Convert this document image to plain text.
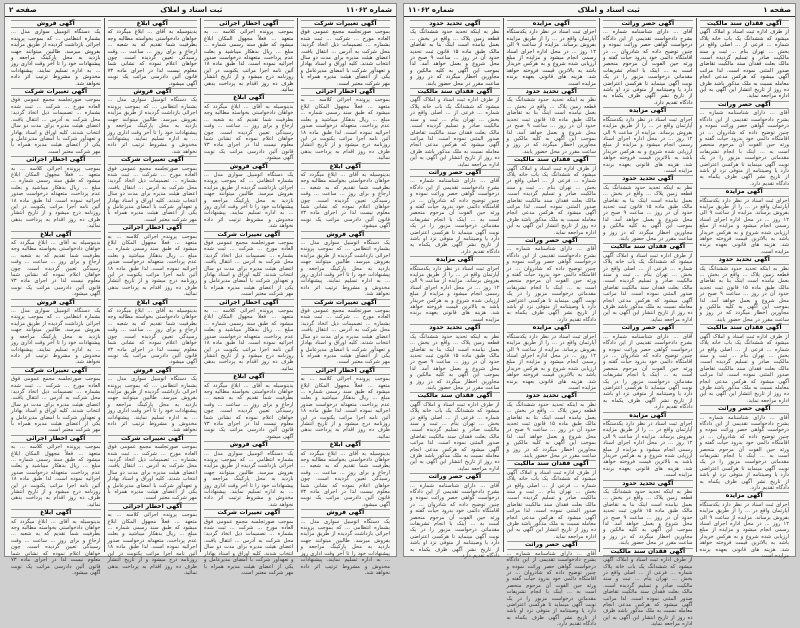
شماره ۱۱۰۶۲
ثبت اسناد و املاک
صفحه ۲
آگهی تغییرات شرکت
بموجب صورتجلسه مجمع عمومی فوق العاده مورخ ... شرکت ... ثبت شده بشماره ... تصمیمات ذیل اتخاذ گردید: محل شرکت به آدرس ... انتقال یافت. اعضای هیئت مدیره برای مدت دو سال انتخاب شدند. کلیه اوراق و اسناد بهادار و تعهدآور شرکت با امضای مدیرعامل و یکی از اعضای هیئت مدیره همراه با مهر شرکت معتبر است.
آگهی اخطار اجرائی
بموجب پرونده اجرائی کلاسه ... به متعهد ... فعلاً مجهول المکان ابلاغ میشود که طبق سند رسمی شماره ... مبلغ ... ریال بدهکار میباشید و بعلت عدم پرداخت، متعهدله درخواست صدور اجرائیه نموده است. لذا طبق ماده ۱۸ آئین نامه اجرا مراتب یکنوبت در این روزنامه درج میشود و از تاریخ انتشار ظرف ده روز اقدام به پرداخت بدهی نمائید.
آگهی ابلاغ
بدینوسیله به آقای ... ابلاغ میگردد که خواهان دادخواستی بخواسته مطالبه وجه بطرفیت شما تقدیم که به شعبه ... ارجاع و برای روز ... ساعت ... وقت رسیدگی تعیین گردیده است. چون خواهان اعلام نموده که نشانی شما معلوم نیست لذا در اجرای ماده ۷۳ قانون آئین دادرسی مراتب یک نوبت آگهی میشود.
آگهی فروش
یک دستگاه اتومبیل سواری مدل ... بشماره انتظامی ... که بموجب پرونده اجرائی بازداشت گردیده از طریق مزایده بفروش میرسد. طالبین میتوانند جهت بازدید به محل پارکینگ مراجعه و پیشنهادات خود را تا آخر وقت اداری روز ... به اداره تسلیم نمایند. پیشنهادات مخدوش و مشروط ترتیب اثر داده نخواهد شد.
آگهی تغییرات شرکت
بموجب صورتجلسه مجمع عمومی فوق العاده مورخ ... شرکت ... ثبت شده بشماره ... تصمیمات ذیل اتخاذ گردید: محل شرکت به آدرس ... انتقال یافت. اعضای هیئت مدیره برای مدت دو سال انتخاب شدند. کلیه اوراق و اسناد بهادار و تعهدآور شرکت با امضای مدیرعامل و یکی از اعضای هیئت مدیره همراه با مهر شرکت معتبر است.
آگهی اخطار اجرائی
بموجب پرونده اجرائی کلاسه ... به متعهد ... فعلاً مجهول المکان ابلاغ میشود که طبق سند رسمی شماره ... مبلغ ... ریال بدهکار میباشید و بعلت عدم پرداخت، متعهدله درخواست صدور اجرائیه نموده است. لذا طبق ماده ۱۸ آئین نامه اجرا مراتب یکنوبت در این روزنامه درج میشود و از تاریخ انتشار ظرف ده روز اقدام به پرداخت بدهی نمائید.
آگهی ابلاغ
بدینوسیله به آقای ... ابلاغ میگردد که خواهان دادخواستی بخواسته مطالبه وجه بطرفیت شما تقدیم که به شعبه ... ارجاع و برای روز ... ساعت ... وقت رسیدگی تعیین گردیده است. چون خواهان اعلام نموده که نشانی شما معلوم نیست لذا در اجرای ماده ۷۳ قانون آئین دادرسی مراتب یک نوبت آگهی میشود.
آگهی فروش
یک دستگاه اتومبیل سواری مدل ... بشماره انتظامی ... که بموجب پرونده اجرائی بازداشت گردیده از طریق مزایده بفروش میرسد. طالبین میتوانند جهت بازدید به محل پارکینگ مراجعه و پیشنهادات خود را تا آخر وقت اداری روز ... به اداره تسلیم نمایند. پیشنهادات مخدوش و مشروط ترتیب اثر داده نخواهد شد.
آگهی اخطار اجرائی
بموجب پرونده اجرائی کلاسه ... به متعهد ... فعلاً مجهول المکان ابلاغ میشود که طبق سند رسمی شماره ... مبلغ ... ریال بدهکار میباشید و بعلت عدم پرداخت، متعهدله درخواست صدور اجرائیه نموده است. لذا طبق ماده ۱۸ آئین نامه اجرا مراتب یکنوبت در این روزنامه درج میشود و از تاریخ انتشار ظرف ده روز اقدام به پرداخت بدهی نمائید.
آگهی ابلاغ
بدینوسیله به آقای ... ابلاغ میگردد که خواهان دادخواستی بخواسته مطالبه وجه بطرفیت شما تقدیم که به شعبه ... ارجاع و برای روز ... ساعت ... وقت رسیدگی تعیین گردیده است. چون خواهان اعلام نموده که نشانی شما معلوم نیست لذا در اجرای ماده ۷۳ قانون آئین دادرسی مراتب یک نوبت آگهی میشود.
آگهی فروش
یک دستگاه اتومبیل سواری مدل ... بشماره انتظامی ... که بموجب پرونده اجرائی بازداشت گردیده از طریق مزایده بفروش میرسد. طالبین میتوانند جهت بازدید به محل پارکینگ مراجعه و پیشنهادات خود را تا آخر وقت اداری روز ... به اداره تسلیم نمایند. پیشنهادات مخدوش و مشروط ترتیب اثر داده نخواهد شد.
آگهی تغییرات شرکت
بموجب صورتجلسه مجمع عمومی فوق العاده مورخ ... شرکت ... ثبت شده بشماره ... تصمیمات ذیل اتخاذ گردید: محل شرکت به آدرس ... انتقال یافت. اعضای هیئت مدیره برای مدت دو سال انتخاب شدند. کلیه اوراق و اسناد بهادار و تعهدآور شرکت با امضای مدیرعامل و یکی از اعضای هیئت مدیره همراه با مهر شرکت معتبر است.
آگهی اخطار اجرائی
بموجب پرونده اجرائی کلاسه ... به متعهد ... فعلاً مجهول المکان ابلاغ میشود که طبق سند رسمی شماره ... مبلغ ... ریال بدهکار میباشید و بعلت عدم پرداخت، متعهدله درخواست صدور اجرائیه نموده است. لذا طبق ماده ۱۸ آئین نامه اجرا مراتب یکنوبت در این روزنامه درج میشود و از تاریخ انتشار ظرف ده روز اقدام به پرداخت بدهی نمائید.
آگهی ابلاغ
بدینوسیله به آقای ... ابلاغ میگردد که خواهان دادخواستی بخواسته مطالبه وجه بطرفیت شما تقدیم که به شعبه ... ارجاع و برای روز ... ساعت ... وقت رسیدگی تعیین گردیده است. چون خواهان اعلام نموده که نشانی شما معلوم نیست لذا در اجرای ماده ۷۳ قانون آئین دادرسی مراتب یک نوبت آگهی میشود.
آگهی فروش
یک دستگاه اتومبیل سواری مدل ... بشماره انتظامی ... که بموجب پرونده اجرائی بازداشت گردیده از طریق مزایده بفروش میرسد. طالبین میتوانند جهت بازدید به محل پارکینگ مراجعه و پیشنهادات خود را تا آخر وقت اداری روز ... به اداره تسلیم نمایند. پیشنهادات مخدوش و مشروط ترتیب اثر داده نخواهد شد.
آگهی تغییرات شرکت
بموجب صورتجلسه مجمع عمومی فوق العاده مورخ ... شرکت ... ثبت شده بشماره ... تصمیمات ذیل اتخاذ گردید: محل شرکت به آدرس ... انتقال یافت. اعضای هیئت مدیره برای مدت دو سال انتخاب شدند. کلیه اوراق و اسناد بهادار و تعهدآور شرکت با امضای مدیرعامل و یکی از اعضای هیئت مدیره همراه با مهر شرکت معتبر است.
آگهی ابلاغ
بدینوسیله به آقای ... ابلاغ میگردد که خواهان دادخواستی بخواسته مطالبه وجه بطرفیت شما تقدیم که به شعبه ... ارجاع و برای روز ... ساعت ... وقت رسیدگی تعیین گردیده است. چون خواهان اعلام نموده که نشانی شما معلوم نیست لذا در اجرای ماده ۷۳ قانون آئین دادرسی مراتب یک نوبت آگهی میشود.
آگهی فروش
یک دستگاه اتومبیل سواری مدل ... بشماره انتظامی ... که بموجب پرونده اجرائی بازداشت گردیده از طریق مزایده بفروش میرسد. طالبین میتوانند جهت بازدید به محل پارکینگ مراجعه و پیشنهادات خود را تا آخر وقت اداری روز ... به اداره تسلیم نمایند. پیشنهادات مخدوش و مشروط ترتیب اثر داده نخواهد شد.
آگهی تغییرات شرکت
بموجب صورتجلسه مجمع عمومی فوق العاده مورخ ... شرکت ... ثبت شده بشماره ... تصمیمات ذیل اتخاذ گردید: محل شرکت به آدرس ... انتقال یافت. اعضای هیئت مدیره برای مدت دو سال انتخاب شدند. کلیه اوراق و اسناد بهادار و تعهدآور شرکت با امضای مدیرعامل و یکی از اعضای هیئت مدیره همراه با مهر شرکت معتبر است.
آگهی اخطار اجرائی
بموجب پرونده اجرائی کلاسه ... به متعهد ... فعلاً مجهول المکان ابلاغ میشود که طبق سند رسمی شماره ... مبلغ ... ریال بدهکار میباشید و بعلت عدم پرداخت، متعهدله درخواست صدور اجرائیه نموده است. لذا طبق ماده ۱۸ آئین نامه اجرا مراتب یکنوبت در این روزنامه درج میشود و از تاریخ انتشار ظرف ده روز اقدام به پرداخت بدهی نمائید.
آگهی ابلاغ
بدینوسیله به آقای ... ابلاغ میگردد که خواهان دادخواستی بخواسته مطالبه وجه بطرفیت شما تقدیم که به شعبه ... ارجاع و برای روز ... ساعت ... وقت رسیدگی تعیین گردیده است. چون خواهان اعلام نموده که نشانی شما معلوم نیست لذا در اجرای ماده ۷۳ قانون آئین دادرسی مراتب یک نوبت آگهی میشود.
آگهی فروش
یک دستگاه اتومبیل سواری مدل ... بشماره انتظامی ... که بموجب پرونده اجرائی بازداشت گردیده از طریق مزایده بفروش میرسد. طالبین میتوانند جهت بازدید به محل پارکینگ مراجعه و پیشنهادات خود را تا آخر وقت اداری روز ... به اداره تسلیم نمایند. پیشنهادات مخدوش و مشروط ترتیب اثر داده نخواهد شد.
آگهی تغییرات شرکت
بموجب صورتجلسه مجمع عمومی فوق العاده مورخ ... شرکت ... ثبت شده بشماره ... تصمیمات ذیل اتخاذ گردید: محل شرکت به آدرس ... انتقال یافت. اعضای هیئت مدیره برای مدت دو سال انتخاب شدند. کلیه اوراق و اسناد بهادار و تعهدآور شرکت با امضای مدیرعامل و یکی از اعضای هیئت مدیره همراه با مهر شرکت معتبر است.
آگهی اخطار اجرائی
بموجب پرونده اجرائی کلاسه ... به متعهد ... فعلاً مجهول المکان ابلاغ میشود که طبق سند رسمی شماره ... مبلغ ... ریال بدهکار میباشید و بعلت عدم پرداخت، متعهدله درخواست صدور اجرائیه نموده است. لذا طبق ماده ۱۸ آئین نامه اجرا مراتب یکنوبت در این روزنامه درج میشود و از تاریخ انتشار ظرف ده روز اقدام به پرداخت بدهی نمائید.
آگهی فروش
یک دستگاه اتومبیل سواری مدل ... بشماره انتظامی ... که بموجب پرونده اجرائی بازداشت گردیده از طریق مزایده بفروش میرسد. طالبین میتوانند جهت بازدید به محل پارکینگ مراجعه و پیشنهادات خود را تا آخر وقت اداری روز ... به اداره تسلیم نمایند. پیشنهادات مخدوش و مشروط ترتیب اثر داده نخواهد شد.
آگهی تغییرات شرکت
بموجب صورتجلسه مجمع عمومی فوق العاده مورخ ... شرکت ... ثبت شده بشماره ... تصمیمات ذیل اتخاذ گردید: محل شرکت به آدرس ... انتقال یافت. اعضای هیئت مدیره برای مدت دو سال انتخاب شدند. کلیه اوراق و اسناد بهادار و تعهدآور شرکت با امضای مدیرعامل و یکی از اعضای هیئت مدیره همراه با مهر شرکت معتبر است.
آگهی اخطار اجرائی
بموجب پرونده اجرائی کلاسه ... به متعهد ... فعلاً مجهول المکان ابلاغ میشود که طبق سند رسمی شماره ... مبلغ ... ریال بدهکار میباشید و بعلت عدم پرداخت، متعهدله درخواست صدور اجرائیه نموده است. لذا طبق ماده ۱۸ آئین نامه اجرا مراتب یکنوبت در این روزنامه درج میشود و از تاریخ انتشار ظرف ده روز اقدام به پرداخت بدهی نمائید.
آگهی ابلاغ
بدینوسیله به آقای ... ابلاغ میگردد که خواهان دادخواستی بخواسته مطالبه وجه بطرفیت شما تقدیم که به شعبه ... ارجاع و برای روز ... ساعت ... وقت رسیدگی تعیین گردیده است. چون خواهان اعلام نموده که نشانی شما معلوم نیست لذا در اجرای ماده ۷۳ قانون آئین دادرسی مراتب یک نوبت آگهی میشود.
آگهی فروش
یک دستگاه اتومبیل سواری مدل ... بشماره انتظامی ... که بموجب پرونده اجرائی بازداشت گردیده از طریق مزایده بفروش میرسد. طالبین میتوانند جهت بازدید به محل پارکینگ مراجعه و پیشنهادات خود را تا آخر وقت اداری روز ... به اداره تسلیم نمایند. پیشنهادات مخدوش و مشروط ترتیب اثر داده نخواهد شد.
آگهی تغییرات شرکت
بموجب صورتجلسه مجمع عمومی فوق العاده مورخ ... شرکت ... ثبت شده بشماره ... تصمیمات ذیل اتخاذ گردید: محل شرکت به آدرس ... انتقال یافت. اعضای هیئت مدیره برای مدت دو سال انتخاب شدند. کلیه اوراق و اسناد بهادار و تعهدآور شرکت با امضای مدیرعامل و یکی از اعضای هیئت مدیره همراه با مهر شرکت معتبر است.
آگهی اخطار اجرائی
بموجب پرونده اجرائی کلاسه ... به متعهد ... فعلاً مجهول المکان ابلاغ میشود که طبق سند رسمی شماره ... مبلغ ... ریال بدهکار میباشید و بعلت عدم پرداخت، متعهدله درخواست صدور اجرائیه نموده است. لذا طبق ماده ۱۸ آئین نامه اجرا مراتب یکنوبت در این روزنامه درج میشود و از تاریخ انتشار ظرف ده روز اقدام به پرداخت بدهی نمائید.
آگهی ابلاغ
بدینوسیله به آقای ... ابلاغ میگردد که خواهان دادخواستی بخواسته مطالبه وجه بطرفیت شما تقدیم که به شعبه ... ارجاع و برای روز ... ساعت ... وقت رسیدگی تعیین گردیده است. چون خواهان اعلام نموده که نشانی شما معلوم نیست لذا در اجرای ماده ۷۳ قانون آئین دادرسی مراتب یک نوبت آگهی میشود.
صفحه ۱
ثبت اسناد و املاک
شماره ۱۱۰۶۲
آگهی فقدان سند مالکیت
از طرف اداره ثبت اسناد و املاک آگهی میشود که ششدانگ یک باب خانه پلاک شماره ... فرعی از ... اصلی واقع در بخش ... تهران بنام ... ثبت و سند مالکیت صادر و تسلیم گردیده است. مالک بعلت فقدان سند مالکیت تقاضای صدور المثنی نموده است. لذا مراتب آگهی میشود که هرکس مدعی انجام معامله نسبت به ملک مذکور باشد ظرف ده روز از تاریخ انتشار این آگهی به این اداره مراجعه نماید.
آگهی حصر وراثت
آقای ... دارای شناسنامه شماره ... بشرح دادخواست تقدیمی از این دادگاه درخواست گواهی حصر وراثت نموده و چنین توضیح داده که شادروان ... در اقامتگاه دائمی خود بدرود حیات گفته و ورثه حین الفوت آن مرحوم منحصر است به ... اینک با انجام تشریفات مقدماتی درخواست مزبور را در یک نوبت آگهی مینماید تا هرکسی اعتراضی دارد یا وصیتنامه از متوفی نزد او باشد از تاریخ نشر آگهی ظرف یکماه به دادگاه تقدیم دارد.
آگهی مزایده
اجرای ثبت اسناد در نظر دارد یکدستگاه آپارتمان واقع در ... را از طریق مزایده بفروش برساند. مزایده از ساعت ۹ الی ۱۲ روز ... در محل اداره اجرای اسناد رسمی انجام میشود و مزایده از مبلغ ارزیابی شده شروع و به هرکس خریدار باشد به بالاترین قیمت فروخته خواهد شد. هزینه های قانونی بعهده برنده مزایده است.
آگهی تحدید حدود
نظر به اینکه تحدید حدود ششدانگ یک قطعه زمین پلاک ... واقع در بخش ... بعمل نیامده است اینک بنا به تقاضای مالک طبق ماده ۱۵ قانون ثبت تحدید حدود آن در روز ... ساعت ۹ صبح در محل شروع و بعمل خواهد آمد. لذا بموجب این آگهی به کلیه مالکین و مجاورین اخطار میگردد که در روز و ساعت مقرر در محل حضور یابند.
آگهی فقدان سند مالکیت
از طرف اداره ثبت اسناد و املاک آگهی میشود که ششدانگ یک باب خانه پلاک شماره ... فرعی از ... اصلی واقع در بخش ... تهران بنام ... ثبت و سند مالکیت صادر و تسلیم گردیده است. مالک بعلت فقدان سند مالکیت تقاضای صدور المثنی نموده است. لذا مراتب آگهی میشود که هرکس مدعی انجام معامله نسبت به ملک مذکور باشد ظرف ده روز از تاریخ انتشار این آگهی به این اداره مراجعه نماید.
آگهی حصر وراثت
آقای ... دارای شناسنامه شماره ... بشرح دادخواست تقدیمی از این دادگاه درخواست گواهی حصر وراثت نموده و چنین توضیح داده که شادروان ... در اقامتگاه دائمی خود بدرود حیات گفته و ورثه حین الفوت آن مرحوم منحصر است به ... اینک با انجام تشریفات مقدماتی درخواست مزبور را در یک نوبت آگهی مینماید تا هرکسی اعتراضی دارد یا وصیتنامه از متوفی نزد او باشد از تاریخ نشر آگهی ظرف یکماه به دادگاه تقدیم دارد.
آگهی مزایده
اجرای ثبت اسناد در نظر دارد یکدستگاه آپارتمان واقع در ... را از طریق مزایده بفروش برساند. مزایده از ساعت ۹ الی ۱۲ روز ... در محل اداره اجرای اسناد رسمی انجام میشود و مزایده از مبلغ ارزیابی شده شروع و به هرکس خریدار باشد به بالاترین قیمت فروخته خواهد شد. هزینه های قانونی بعهده برنده مزایده است.
آگهی حصر وراثت
آقای ... دارای شناسنامه شماره ... بشرح دادخواست تقدیمی از این دادگاه درخواست گواهی حصر وراثت نموده و چنین توضیح داده که شادروان ... در اقامتگاه دائمی خود بدرود حیات گفته و ورثه حین الفوت آن مرحوم منحصر است به ... اینک با انجام تشریفات مقدماتی درخواست مزبور را در یک نوبت آگهی مینماید تا هرکسی اعتراضی دارد یا وصیتنامه از متوفی نزد او باشد از تاریخ نشر آگهی ظرف یکماه به دادگاه تقدیم دارد.
آگهی مزایده
اجرای ثبت اسناد در نظر دارد یکدستگاه آپارتمان واقع در ... را از طریق مزایده بفروش برساند. مزایده از ساعت ۹ الی ۱۲ روز ... در محل اداره اجرای اسناد رسمی انجام میشود و مزایده از مبلغ ارزیابی شده شروع و به هرکس خریدار باشد به بالاترین قیمت فروخته خواهد شد. هزینه های قانونی بعهده برنده مزایده است.
آگهی تحدید حدود
نظر به اینکه تحدید حدود ششدانگ یک قطعه زمین پلاک ... واقع در بخش ... بعمل نیامده است اینک بنا به تقاضای مالک طبق ماده ۱۵ قانون ثبت تحدید حدود آن در روز ... ساعت ۹ صبح در محل شروع و بعمل خواهد آمد. لذا بموجب این آگهی به کلیه مالکین و مجاورین اخطار میگردد که در روز و ساعت مقرر در محل حضور یابند.
آگهی فقدان سند مالکیت
از طرف اداره ثبت اسناد و املاک آگهی میشود که ششدانگ یک باب خانه پلاک شماره ... فرعی از ... اصلی واقع در بخش ... تهران بنام ... ثبت و سند مالکیت صادر و تسلیم گردیده است. مالک بعلت فقدان سند مالکیت تقاضای صدور المثنی نموده است. لذا مراتب آگهی میشود که هرکس مدعی انجام معامله نسبت به ملک مذکور باشد ظرف ده روز از تاریخ انتشار این آگهی به این اداره مراجعه نماید.
آگهی حصر وراثت
آقای ... دارای شناسنامه شماره ... بشرح دادخواست تقدیمی از این دادگاه درخواست گواهی حصر وراثت نموده و چنین توضیح داده که شادروان ... در اقامتگاه دائمی خود بدرود حیات گفته و ورثه حین الفوت آن مرحوم منحصر است به ... اینک با انجام تشریفات مقدماتی درخواست مزبور را در یک نوبت آگهی مینماید تا هرکسی اعتراضی دارد یا وصیتنامه از متوفی نزد او باشد از تاریخ نشر آگهی ظرف یکماه به دادگاه تقدیم دارد.
آگهی مزایده
اجرای ثبت اسناد در نظر دارد یکدستگاه آپارتمان واقع در ... را از طریق مزایده بفروش برساند. مزایده از ساعت ۹ الی ۱۲ روز ... در محل اداره اجرای اسناد رسمی انجام میشود و مزایده از مبلغ ارزیابی شده شروع و به هرکس خریدار باشد به بالاترین قیمت فروخته خواهد شد. هزینه های قانونی بعهده برنده مزایده است.
آگهی تحدید حدود
نظر به اینکه تحدید حدود ششدانگ یک قطعه زمین پلاک ... واقع در بخش ... بعمل نیامده است اینک بنا به تقاضای مالک طبق ماده ۱۵ قانون ثبت تحدید حدود آن در روز ... ساعت ۹ صبح در محل شروع و بعمل خواهد آمد. لذا بموجب این آگهی به کلیه مالکین و مجاورین اخطار میگردد که در روز و ساعت مقرر در محل حضور یابند.
آگهی فقدان سند مالکیت
از طرف اداره ثبت اسناد و املاک آگهی میشود که ششدانگ یک باب خانه پلاک شماره ... فرعی از ... اصلی واقع در بخش ... تهران بنام ... ثبت و سند مالکیت صادر و تسلیم گردیده است. مالک بعلت فقدان سند مالکیت تقاضای صدور المثنی نموده است. لذا مراتب آگهی میشود که هرکس مدعی انجام معامله نسبت به ملک مذکور باشد ظرف ده روز از تاریخ انتشار این آگهی به این اداره مراجعه نماید.
آگهی مزایده
اجرای ثبت اسناد در نظر دارد یکدستگاه آپارتمان واقع در ... را از طریق مزایده بفروش برساند. مزایده از ساعت ۹ الی ۱۲ روز ... در محل اداره اجرای اسناد رسمی انجام میشود و مزایده از مبلغ ارزیابی شده شروع و به هرکس خریدار باشد به بالاترین قیمت فروخته خواهد شد. هزینه های قانونی بعهده برنده مزایده است.
آگهی تحدید حدود
نظر به اینکه تحدید حدود ششدانگ یک قطعه زمین پلاک ... واقع در بخش ... بعمل نیامده است اینک بنا به تقاضای مالک طبق ماده ۱۵ قانون ثبت تحدید حدود آن در روز ... ساعت ۹ صبح در محل شروع و بعمل خواهد آمد. لذا بموجب این آگهی به کلیه مالکین و مجاورین اخطار میگردد که در روز و ساعت مقرر در محل حضور یابند.
آگهی فقدان سند مالکیت
از طرف اداره ثبت اسناد و املاک آگهی میشود که ششدانگ یک باب خانه پلاک شماره ... فرعی از ... اصلی واقع در بخش ... تهران بنام ... ثبت و سند مالکیت صادر و تسلیم گردیده است. مالک بعلت فقدان سند مالکیت تقاضای صدور المثنی نموده است. لذا مراتب آگهی میشود که هرکس مدعی انجام معامله نسبت به ملک مذکور باشد ظرف ده روز از تاریخ انتشار این آگهی به این اداره مراجعه نماید.
آگهی حصر وراثت
آقای ... دارای شناسنامه شماره ... بشرح دادخواست تقدیمی از این دادگاه درخواست گواهی حصر وراثت نموده و چنین توضیح داده که شادروان ... در اقامتگاه دائمی خود بدرود حیات گفته و ورثه حین الفوت آن مرحوم منحصر است به ... اینک با انجام تشریفات مقدماتی درخواست مزبور را در یک نوبت آگهی مینماید تا هرکسی اعتراضی دارد یا وصیتنامه از متوفی نزد او باشد از تاریخ نشر آگهی ظرف یکماه به دادگاه تقدیم دارد.
آگهی مزایده
اجرای ثبت اسناد در نظر دارد یکدستگاه آپارتمان واقع در ... را از طریق مزایده بفروش برساند. مزایده از ساعت ۹ الی ۱۲ روز ... در محل اداره اجرای اسناد رسمی انجام میشود و مزایده از مبلغ ارزیابی شده شروع و به هرکس خریدار باشد به بالاترین قیمت فروخته خواهد شد. هزینه های قانونی بعهده برنده مزایده است.
آگهی تحدید حدود
نظر به اینکه تحدید حدود ششدانگ یک قطعه زمین پلاک ... واقع در بخش ... بعمل نیامده است اینک بنا به تقاضای مالک طبق ماده ۱۵ قانون ثبت تحدید حدود آن در روز ... ساعت ۹ صبح در محل شروع و بعمل خواهد آمد. لذا بموجب این آگهی به کلیه مالکین و مجاورین اخطار میگردد که در روز و ساعت مقرر در محل حضور یابند.
آگهی فقدان سند مالکیت
از طرف اداره ثبت اسناد و املاک آگهی میشود که ششدانگ یک باب خانه پلاک شماره ... فرعی از ... اصلی واقع در بخش ... تهران بنام ... ثبت و سند مالکیت صادر و تسلیم گردیده است. مالک بعلت فقدان سند مالکیت تقاضای صدور المثنی نموده است. لذا مراتب آگهی میشود که هرکس مدعی انجام معامله نسبت به ملک مذکور باشد ظرف ده روز از تاریخ انتشار این آگهی به این اداره مراجعه نماید.
آگهی حصر وراثت
آقای ... دارای شناسنامه شماره ... بشرح دادخواست تقدیمی از این دادگاه درخواست گواهی حصر وراثت نموده و چنین توضیح داده که شادروان ... در اقامتگاه دائمی خود بدرود حیات گفته و ورثه حین الفوت آن مرحوم منحصر است به ... اینک با انجام تشریفات مقدماتی درخواست مزبور را در یک نوبت آگهی مینماید تا هرکسی اعتراضی دارد یا وصیتنامه از متوفی نزد او باشد از تاریخ نشر آگهی ظرف یکماه به دادگاه تقدیم دارد.
آگهی تحدید حدود
نظر به اینکه تحدید حدود ششدانگ یک قطعه زمین پلاک ... واقع در بخش ... بعمل نیامده است اینک بنا به تقاضای مالک طبق ماده ۱۵ قانون ثبت تحدید حدود آن در روز ... ساعت ۹ صبح در محل شروع و بعمل خواهد آمد. لذا بموجب این آگهی به کلیه مالکین و مجاورین اخطار میگردد که در روز و ساعت مقرر در محل حضور یابند.
آگهی فقدان سند مالکیت
از طرف اداره ثبت اسناد و املاک آگهی میشود که ششدانگ یک باب خانه پلاک شماره ... فرعی از ... اصلی واقع در بخش ... تهران بنام ... ثبت و سند مالکیت صادر و تسلیم گردیده است. مالک بعلت فقدان سند مالکیت تقاضای صدور المثنی نموده است. لذا مراتب آگهی میشود که هرکس مدعی انجام معامله نسبت به ملک مذکور باشد ظرف ده روز از تاریخ انتشار این آگهی به این اداره مراجعه نماید.
آگهی حصر وراثت
آقای ... دارای شناسنامه شماره ... بشرح دادخواست تقدیمی از این دادگاه درخواست گواهی حصر وراثت نموده و چنین توضیح داده که شادروان ... در اقامتگاه دائمی خود بدرود حیات گفته و ورثه حین الفوت آن مرحوم منحصر است به ... اینک با انجام تشریفات مقدماتی درخواست مزبور را در یک نوبت آگهی مینماید تا هرکسی اعتراضی دارد یا وصیتنامه از متوفی نزد او باشد از تاریخ نشر آگهی ظرف یکماه به دادگاه تقدیم دارد.
آگهی مزایده
اجرای ثبت اسناد در نظر دارد یکدستگاه آپارتمان واقع در ... را از طریق مزایده بفروش برساند. مزایده از ساعت ۹ الی ۱۲ روز ... در محل اداره اجرای اسناد رسمی انجام میشود و مزایده از مبلغ ارزیابی شده شروع و به هرکس خریدار باشد به بالاترین قیمت فروخته خواهد شد. هزینه های قانونی بعهده برنده مزایده است.
آگهی تحدید حدود
نظر به اینکه تحدید حدود ششدانگ یک قطعه زمین پلاک ... واقع در بخش ... بعمل نیامده است اینک بنا به تقاضای مالک طبق ماده ۱۵ قانون ثبت تحدید حدود آن در روز ... ساعت ۹ صبح در محل شروع و بعمل خواهد آمد. لذا بموجب این آگهی به کلیه مالکین و مجاورین اخطار میگردد که در روز و ساعت مقرر در محل حضور یابند.
آگهی فقدان سند مالکیت
از طرف اداره ثبت اسناد و املاک آگهی میشود که ششدانگ یک باب خانه پلاک شماره ... فرعی از ... اصلی واقع در بخش ... تهران بنام ... ثبت و سند مالکیت صادر و تسلیم گردیده است. مالک بعلت فقدان سند مالکیت تقاضای صدور المثنی نموده است. لذا مراتب آگهی میشود که هرکس مدعی انجام معامله نسبت به ملک مذکور باشد ظرف ده روز از تاریخ انتشار این آگهی به این اداره مراجعه نماید.
آگهی حصر وراثت
آقای ... دارای شناسنامه شماره ... بشرح دادخواست تقدیمی از این دادگاه درخواست گواهی حصر وراثت نموده و چنین توضیح داده که شادروان ... در اقامتگاه دائمی خود بدرود حیات گفته و ورثه حین الفوت آن مرحوم منحصر است به ... اینک با انجام تشریفات مقدماتی درخواست مزبور را در یک نوبت آگهی مینماید تا هرکسی اعتراضی دارد یا وصیتنامه از متوفی نزد او باشد از تاریخ نشر آگهی ظرف یکماه به دادگاه تقدیم دارد.
